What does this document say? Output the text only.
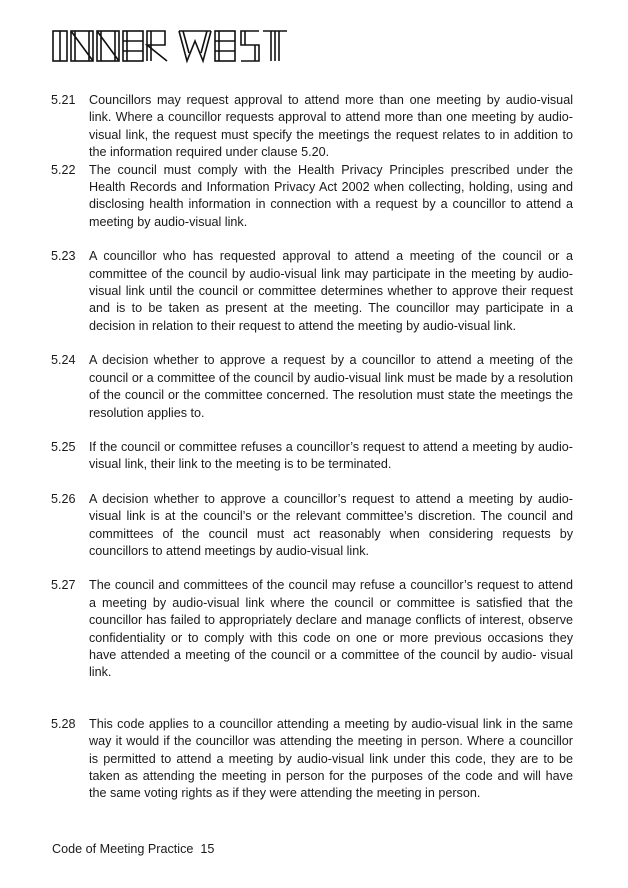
5.21	Councillors may request approval to attend more than one meeting by audio-visual link. Where a councillor requests approval to attend more than one meeting by audio-visual link, the request must specify the meetings the request relates to in addition to the information required under clause 5.20.
5.22	The council must comply with the Health Privacy Principles prescribed under the Health Records and Information Privacy Act 2002 when collecting, holding, using and disclosing health information in connection with a request by a councillor to attend a meeting by audio-visual link.
5.23	A councillor who has requested approval to attend a meeting of the council or a committee of the council by audio-visual link may participate in the meeting by audio-visual link until the council or committee determines whether to approve their request and is to be taken as present at the meeting. The councillor may participate in a decision in relation to their request to attend the meeting by audio-visual link.
5.24	A decision whether to approve a request by a councillor to attend a meeting of the council or a committee of the council by audio-visual link must be made by a resolution of the council or the committee concerned. The resolution must state the meetings the resolution applies to.
5.25	If the council or committee refuses a councillor’s request to attend a meeting by audio-visual link, their link to the meeting is to be terminated.
5.26	A decision whether to approve a councillor’s request to attend a meeting by audio-visual link is at the council’s or the relevant committee’s discretion. The council and committees of the council must act reasonably when considering requests by councillors to attend meetings by audio-visual link.
5.27	The council and committees of the council may refuse a councillor’s request to attend a meeting by audio-visual link where the council or committee is satisfied that the councillor has failed to appropriately declare and manage conflicts of interest, observe confidentiality or to comply with this code on one or more previous occasions they have attended a meeting of the council or a committee of the council by audio- visual link.
5.28	This code applies to a councillor attending a meeting by audio-visual link in the same way it would if the councillor was attending the meeting in person. Where a councillor is permitted to attend a meeting by audio-visual link under this code, they are to be taken as attending the meeting in person for the purposes of the code and will have the same voting rights as if they were attending the meeting in person.
Code of Meeting Practice  15
